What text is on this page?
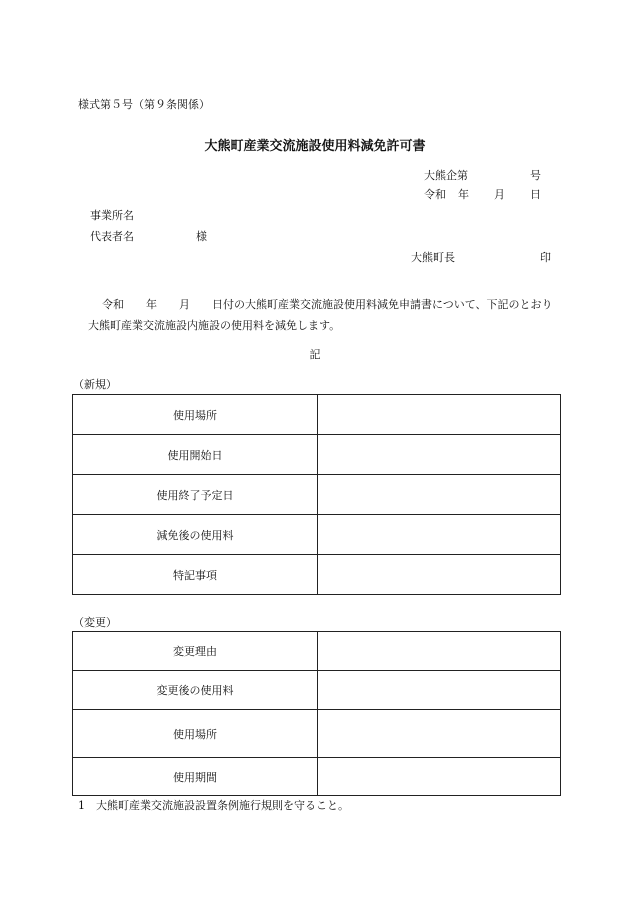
様式第５号（第９条関係）
大熊町産業交流施設使用料減免許可書
大熊企第	号
令和 年 月 日
事業所名
代表者名	様
大熊町長	印
令和　　年　　月　　日付の大熊町産業交流施設使用料減免申請書について、下記のとおり大熊町産業交流施設内施設の使用料を減免します。
記
（新規）
使用場所	
使用開始日	
使用終了予定日	
減免後の使用料	
特記事項	
（変更）
変更理由	
変更後の使用料	
使用場所	
使用期間	
1　大熊町産業交流施設設置条例施行規則を守ること。
